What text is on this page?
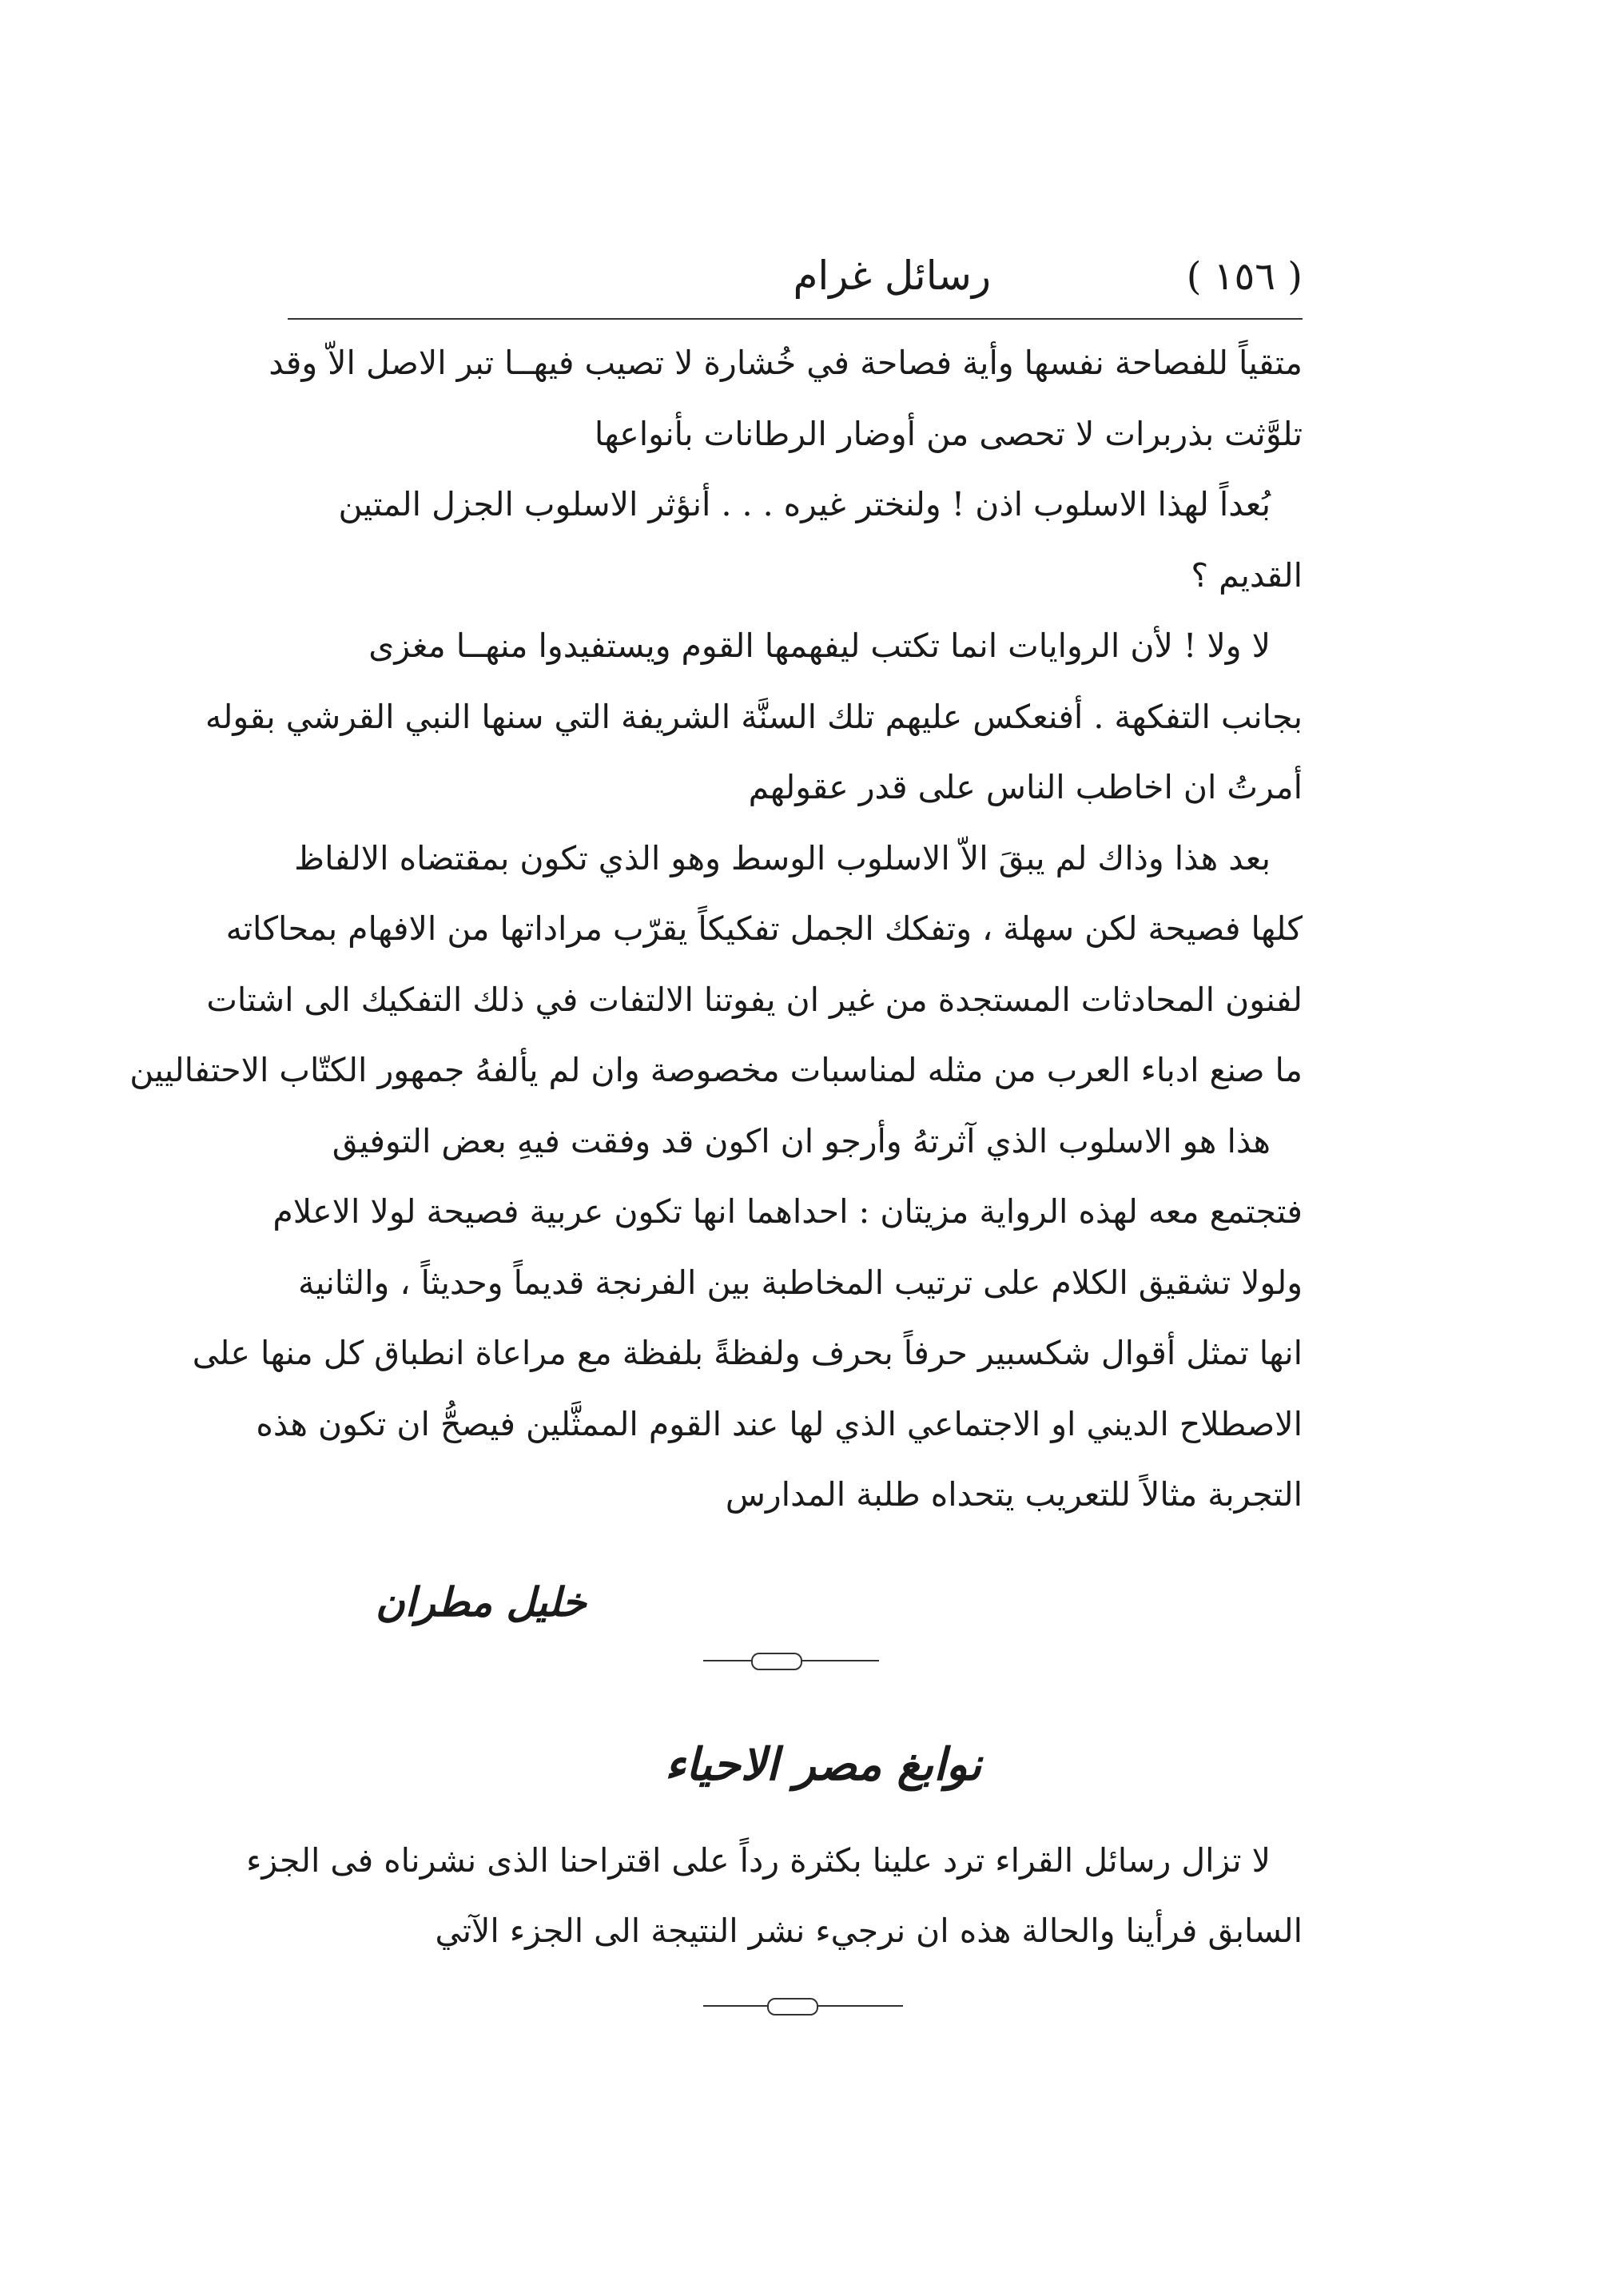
( ١٥٦ )
رسائل غرام
متقياً للفصاحة نفسها وأية فصاحة في خُشارة لا تصيب فيهــا تبر الاصل الاّ وقد
تلوَّثت بذربرات لا تحصى من أوضار الرطانات بأنواعها
بُعداً لهذا الاسلوب اذن ! ولنختر غيره . . . أنؤثر الاسلوب الجزل المتين
القديم ؟
لا ولا ! لأن الروايات انما تكتب ليفهمها القوم ويستفيدوا منهــا مغزى
بجانب التفكهة . أفنعكس عليهم تلك السنَّة الشريفة التي سنها النبي القرشي بقوله
أمرتُ ان اخاطب الناس على قدر عقولهم
بعد هذا وذاك لم يبقَ الاّ الاسلوب الوسط وهو الذي تكون بمقتضاه الالفاظ
كلها فصيحة لكن سهلة ، وتفكك الجمل تفكيكاً يقرّب مراداتها من الافهام بمحاكاته
لفنون المحادثات المستجدة من غير ان يفوتنا الالتفات في ذلك التفكيك الى اشتات
ما صنع ادباء العرب من مثله لمناسبات مخصوصة وان لم يألفهُ جمهور الكتّاب الاحتفاليين
هذا هو الاسلوب الذي آثرتهُ وأرجو ان اكون قد وفقت فيهِ بعض التوفيق
فتجتمع معه لهذه الرواية مزيتان : احداهما انها تكون عربية فصيحة لولا الاعلام
ولولا تشقيق الكلام على ترتيب المخاطبة بين الفرنجة قديماً وحديثاً ، والثانية
انها تمثل أقوال شكسبير حرفاً بحرف ولفظةً بلفظة مع مراعاة انطباق كل منها على
الاصطلاح الديني او الاجتماعي الذي لها عند القوم الممثَّلين فيصحُّ ان تكون هذه
التجربة مثالاً للتعريب يتحداه طلبة المدارس
خليل مطران
نوابغ مصر الاحياء
لا تزال رسائل القراء ترد علينا بكثرة رداً على اقتراحنا الذى نشرناه فى الجزء
السابق فرأينا والحالة هذه ان نرجيء نشر النتيجة الى الجزء الآتي
